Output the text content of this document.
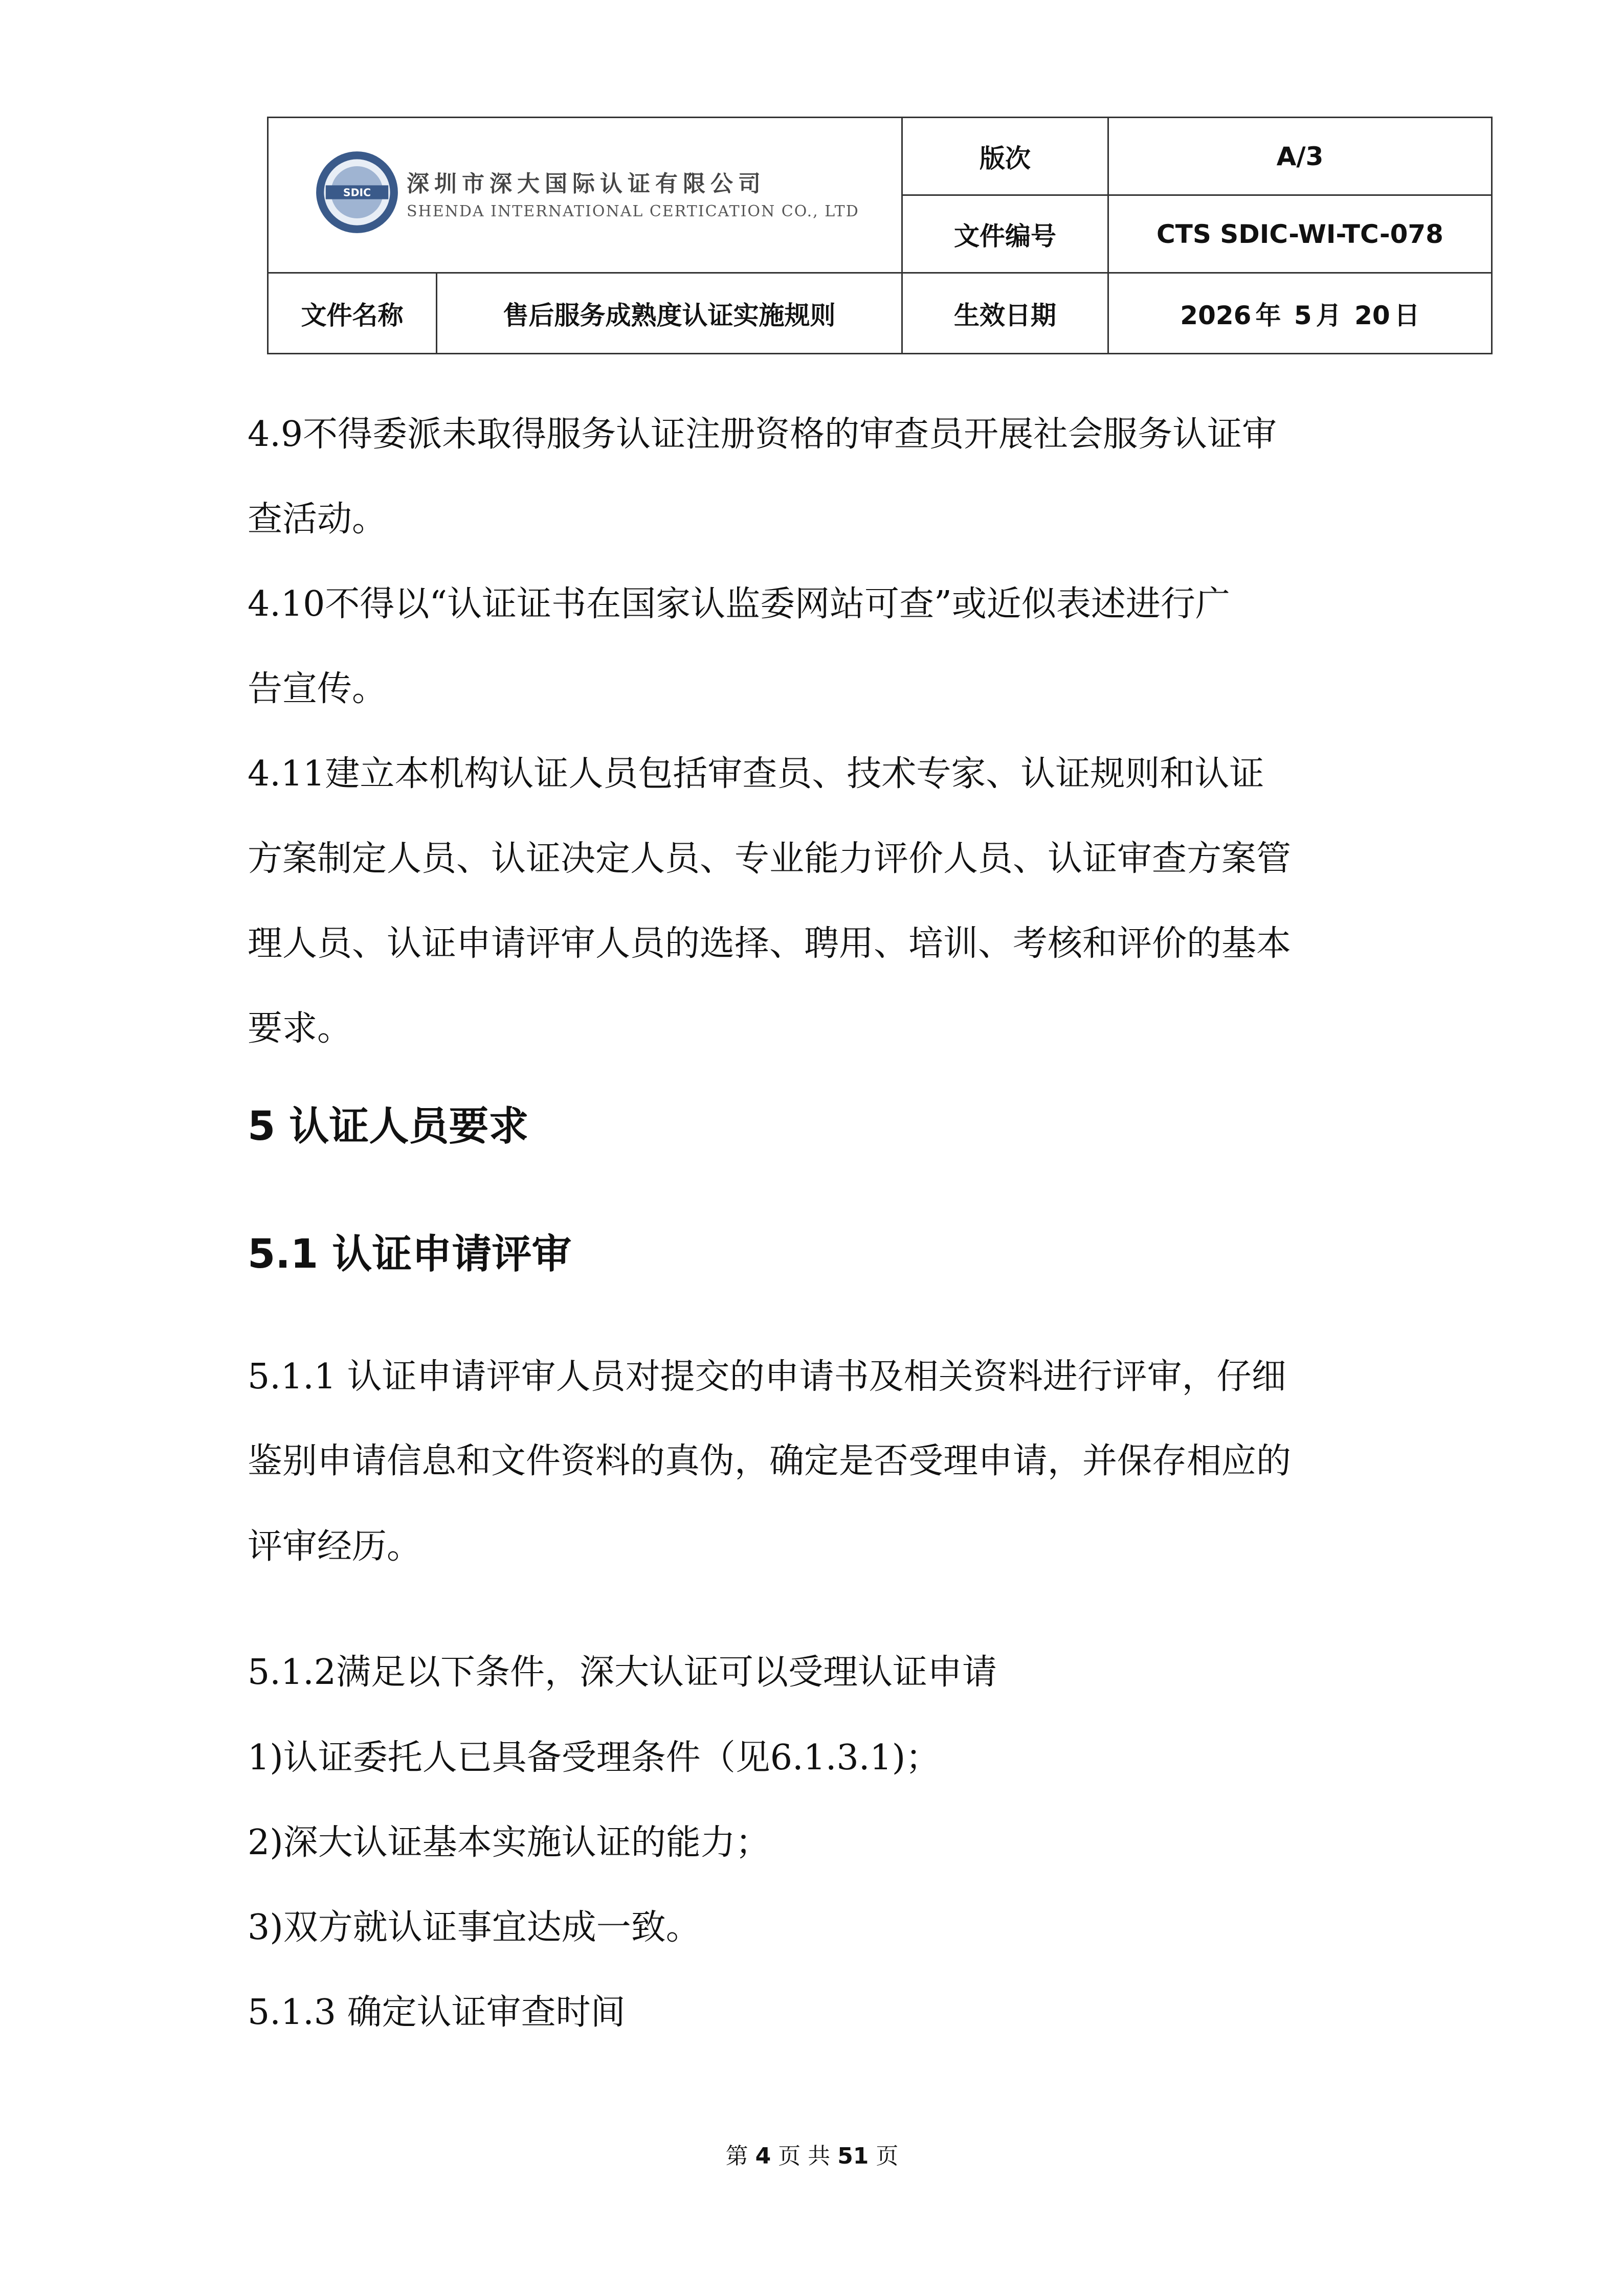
SDIC 深圳市深大国际认证有限公司
SHENDA INTERNATIONAL CERTICATION CO., LTD		版次	A/3
		文件编号	CTS SDIC-WI-TC-078
文件名称	售后服务成熟度认证实施规则	生效日期	2026 年 5 月 20 日

4.9不得委派未取得服务认证注册资格的审查员开展社会服务认证审

查活动。

4.10不得以“认证证书在国家认监委网站可查”或近似表述进行广

告宣传。

4.11建立本机构认证人员包括审查员、技术专家、认证规则和认证

方案制定人员、认证决定人员、专业能力评价人员、认证审查方案管

理人员、认证申请评审人员的选择、聘用、培训、考核和评价的基本

要求。

5 认证人员要求
5.1 认证申请评审

5.1.1 认证申请评审人员对提交的申请书及相关资料进行评审，仔细

鉴别申请信息和文件资料的真伪，确定是否受理申请，并保存相应的

评审经历。

5.1.2满足以下条件，深大认证可以受理认证申请

1)认证委托人已具备受理条件（见6.1.3.1)；

2)深大认证基本实施认证的能力；

3)双方就认证事宜达成一致。

5.1.3 确定认证审查时间

第 4 页 共 51 页
